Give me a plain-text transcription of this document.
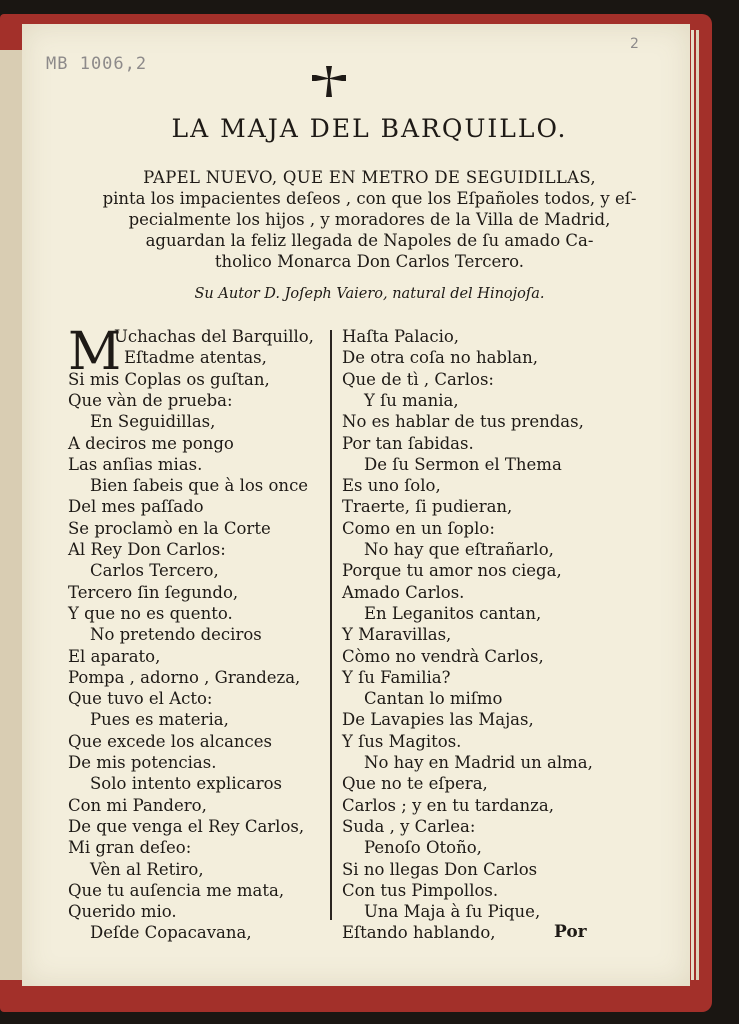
MB 1006,2
2
LA MAJA DEL BARQUILLO.
PAPEL NUEVO, QUE EN METRO DE SEGUIDILLAS,
pinta los impacientes deſeos , con que los Eſpañoles todos, y eſ-
pecialmente los hijos , y moradores de la Villa de Madrid,
aguardan la feliz llegada de Napoles de ſu amado Ca-
tholico Monarca Don Carlos Tercero.
Su Autor D. Joſeph Vaiero, natural del Hinojoſa.
M
Uchachas del Barquillo,
Eſtadme atentas,
Si mis Coplas os guſtan,
Que vàn de prueba:
En Seguidillas,
A deciros me pongo
Las anſias mias.
Bien ſabeis que à los once
Del mes paſſado
Se proclamò en la Corte
Al Rey Don Carlos:
Carlos Tercero,
Tercero ſin ſegundo,
Y que no es quento.
No pretendo deciros
El aparato,
Pompa , adorno , Grandeza,
Que tuvo el Acto:
Pues es materia,
Que excede los alcances
De mis potencias.
Solo intento explicaros
Con mi Pandero,
De que venga el Rey Carlos,
Mi gran deſeo:
Vèn al Retiro,
Que tu auſencia me mata,
Querido mio.
Deſde Copacavana,
Haſta Palacio,
De otra coſa no hablan,
Que de tì , Carlos:
Y ſu mania,
No es hablar de tus prendas,
Por tan ſabidas.
De ſu Sermon el Thema
Es uno ſolo,
Traerte, ſi pudieran,
Como en un ſoplo:
No hay que eſtrañarlo,
Porque tu amor nos ciega,
Amado Carlos.
En Leganitos cantan,
Y Maravillas,
Còmo no vendrà Carlos,
Y ſu Familia?
Cantan lo miſmo
De Lavapies las Majas,
Y ſus Magitos.
No hay en Madrid un alma,
Que no te eſpera,
Carlos ; y en tu tardanza,
Suda , y Carlea:
Penoſo Otoño,
Si no llegas Don Carlos
Con tus Pimpollos.
Una Maja à ſu Pique,
Eſtando hablando,	Por
